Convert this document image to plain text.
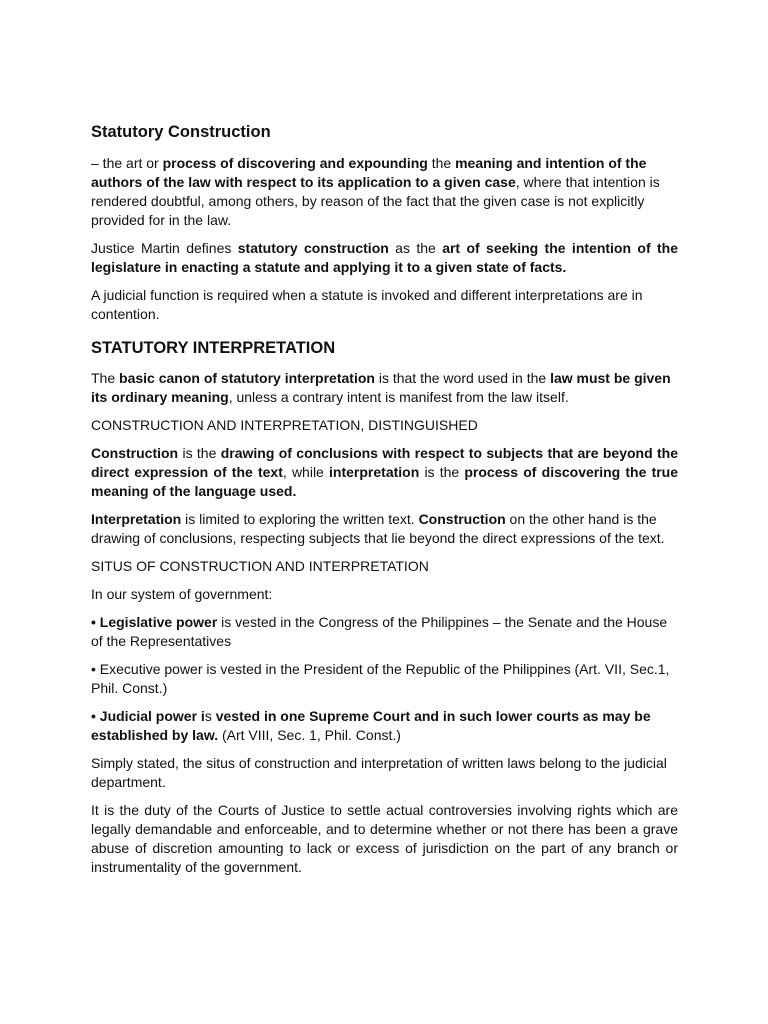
Statutory Construction

– the art or process of discovering and expounding the meaning and intention of the authors of the law with respect to its application to a given case, where that intention is rendered doubtful, among others, by reason of the fact that the given case is not explicitly provided for in the law.

Justice Martin defines statutory construction as the art of seeking the intention of the legislature in enacting a statute and applying it to a given state of facts.

A judicial function is required when a statute is invoked and different interpretations are in contention.

STATUTORY INTERPRETATION

The basic canon of statutory interpretation is that the word used in the law must be given its ordinary meaning, unless a contrary intent is manifest from the law itself.

CONSTRUCTION AND INTERPRETATION, DISTINGUISHED

Construction is the drawing of conclusions with respect to subjects that are beyond the direct expression of the text, while interpretation is the process of discovering the true meaning of the language used.

Interpretation is limited to exploring the written text. Construction on the other hand is the drawing of conclusions, respecting subjects that lie beyond the direct expressions of the text.

SITUS OF CONSTRUCTION AND INTERPRETATION

In our system of government:

• Legislative power is vested in the Congress of the Philippines – the Senate and the House of the Representatives

• Executive power is vested in the President of the Republic of the Philippines (Art. VII, Sec.1, Phil. Const.)

• Judicial power is vested in one Supreme Court and in such lower courts as may be established by law. (Art VIII, Sec. 1, Phil. Const.)

Simply stated, the situs of construction and interpretation of written laws belong to the judicial department.

It is the duty of the Courts of Justice to settle actual controversies involving rights which are legally demandable and enforceable, and to determine whether or not there has been a grave abuse of discretion amounting to lack or excess of jurisdiction on the part of any branch or instrumentality of the government.
